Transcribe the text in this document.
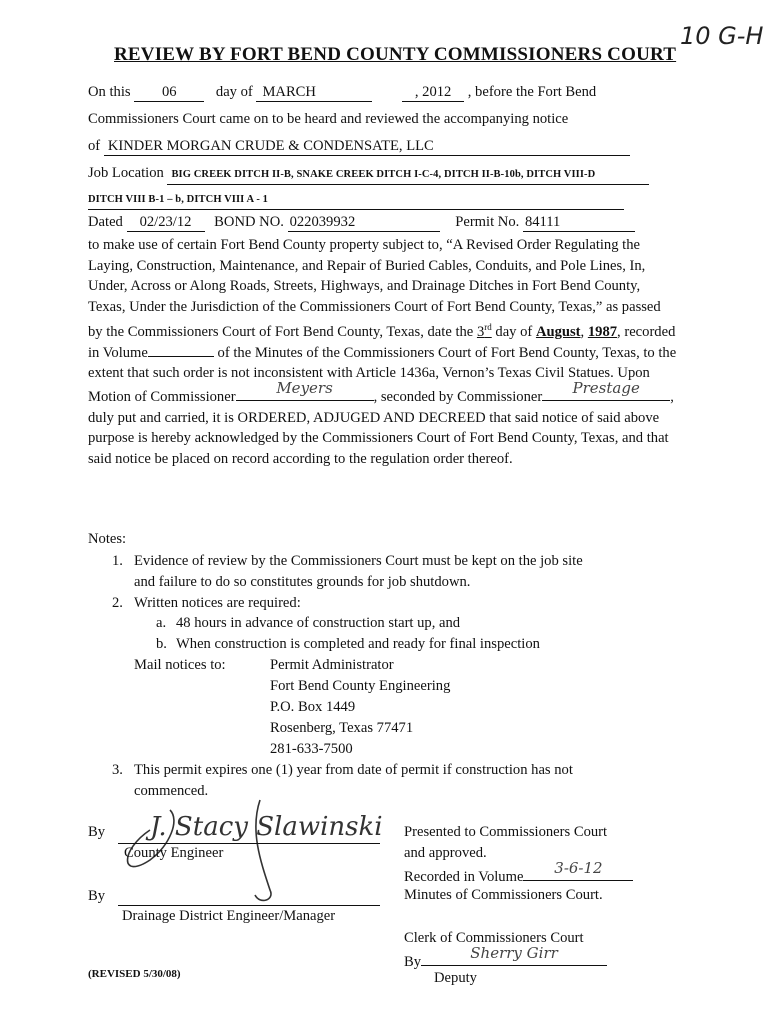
10 G-H
REVIEW BY FORT BEND COUNTY COMMISSIONERS COURT
On this 06	day of MARCH	, 2012 , before the Fort Bend
Commissioners Court came on to be heard and reviewed the accompanying notice
of KINDER MORGAN CRUDE & CONDENSATE, LLC
Job Location BIG CREEK DITCH II-B, SNAKE CREEK DITCH I-C-4, DITCH II-B-10b, DITCH VIII-D
DITCH VIII B-1 – b, DITCH VIII A - 1
Dated 02/23/12 BOND NO. 022039932	Permit No. 84111
to make use of certain Fort Bend County property subject to, “A Revised Order Regulating the Laying, Construction, Maintenance, and Repair of Buried Cables, Conduits, and Pole Lines, In, Under, Across or Along Roads, Streets, Highways, and Drainage Ditches in Fort Bend County, Texas, Under the Jurisdiction of the Commissioners Court of Fort Bend County, Texas,” as passed by the Commissioners Court of Fort Bend County, Texas, date the 3rd day of August, 1987, recorded in Volume	of the Minutes of the Commissioners Court of Fort Bend County, Texas, to the extent that such order is not inconsistent with Article 1436a, Vernon’s Texas Civil Statues. Upon Motion of Commissioner	Meyers	, seconded by Commissioner	Prestage	, duly put and carried, it is ORDERED, ADJUGED AND DECREED that said notice of said above purpose is hereby acknowledged by the Commissioners Court of Fort Bend County, Texas, and that said notice be placed on record according to the regulation order thereof.
Notes:
1. Evidence of review by the Commissioners Court must be kept on the job site
and failure to do so constitutes grounds for job shutdown.
2. Written notices are required:
a. 48 hours in advance of construction start up, and
b. When construction is completed and ready for final inspection
Mail notices to:	Permit Administrator
Fort Bend County Engineering
P.O. Box 1449
Rosenberg, Texas 77471
281-633-7500
3. This permit expires one (1) year from date of permit if construction has not
commenced.
By J. Stacy Slawinski
County Engineer
By
Drainage District Engineer/Manager
Presented to Commissioners Court
and approved.
Recorded in Volume	3-6-12
Minutes of Commissioners Court.
Clerk of Commissioners Court
By	Sherry Girr
Deputy
(REVISED 5/30/08)
